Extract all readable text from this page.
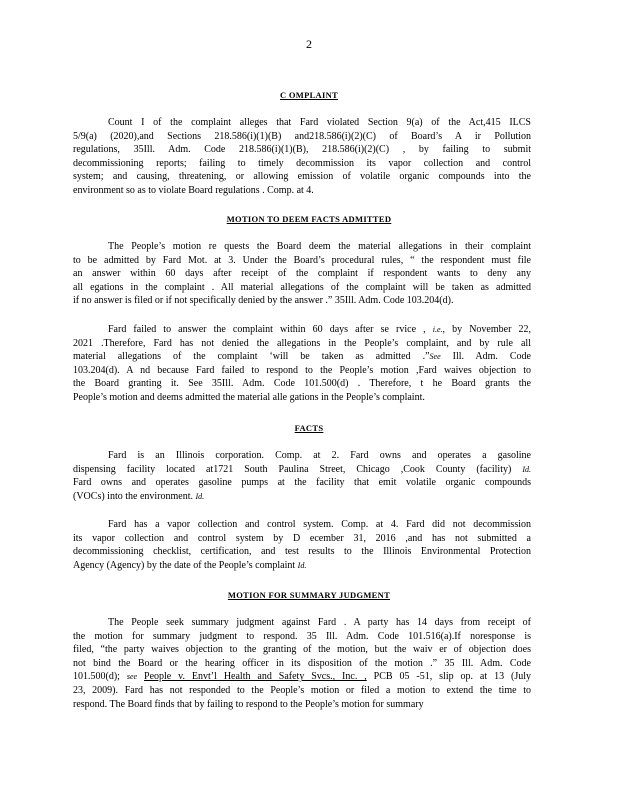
2
C OMPLAINT
Count I of the complaint alleges that Fard violated Section 9(a) of the Act,415 ILCS
5/9(a) (2020),and Sections 218.586(i)(1)(B) and218.586(i)(2)(C) of Board’s A ir Pollution
regulations, 35Ill. Adm. Code 218.586(i)(1)(B), 218.586(i)(2)(C) , by failing to submit
decommissioning reports; failing to timely decommission its vapor collection and control
system; and causing, threatening, or allowing emission of volatile organic compounds into the
environment so as to violate Board regulations . Comp. at 4.
MOTION TO DEEM FACTS ADMITTED
The People’s motion re quests the Board deem the material allegations in their complaint
to be admitted by Fard Mot. at 3. Under the Board’s procedural rules, “ the respondent must file
an answer within 60 days after receipt of the complaint if respondent wants to deny any
all egations in the complaint . All material allegations of the complaint will be taken as admitted
if no answer is filed or if not specifically denied by the answer .” 35Ill. Adm. Code 103.204(d).
Fard failed to answer the complaint within 60 days after se rvice , i.e., by November 22,
2021 .Therefore, Fard has not denied the allegations in the People’s complaint, and by rule all
material allegations of the complaint ‘will be taken as admitted .”See Ill. Adm. Code
103.204(d). A nd because Fard failed to respond to the People’s motion ,Fard waives objection to
the Board granting it. See 35Ill. Adm. Code 101.500(d) . Therefore, t he Board grants the
People’s motion and deems admitted the material alle gations in the People’s complaint.
FACTS
Fard is an Illinois corporation. Comp. at 2. Fard owns and operates a gasoline
dispensing facility located at1721 South Paulina Street, Chicago ,Cook County (facility) Id.
Fard owns and operates gasoline pumps at the facility that emit volatile organic compounds
(VOCs) into the environment. Id.
Fard has a vapor collection and control system. Comp. at 4. Fard did not decommission
its vapor collection and control system by D ecember 31, 2016 ,and has not submitted a
decommissioning checklist, certification, and test results to the Illinois Environmental Protection
Agency (Agency) by the date of the People’s complaint Id.
MOTION FOR SUMMARY JUDGMENT
The People seek summary judgment against Fard . A party has 14 days from receipt of
the motion for summary judgment to respond. 35 Ill. Adm. Code 101.516(a).If noresponse is
filed, “the party waives objection to the granting of the motion, but the waiv er of objection does
not bind the Board or the hearing officer in its disposition of the motion .” 35 Ill. Adm. Code
101.500(d); see People v. Envt’l Health and Safety Svcs., Inc. , PCB 05 -51, slip op. at 13 (July
23, 2009). Fard has not responded to the People’s motion or filed a motion to extend the time to
respond. The Board finds that by failing to respond to the People’s motion for summary
